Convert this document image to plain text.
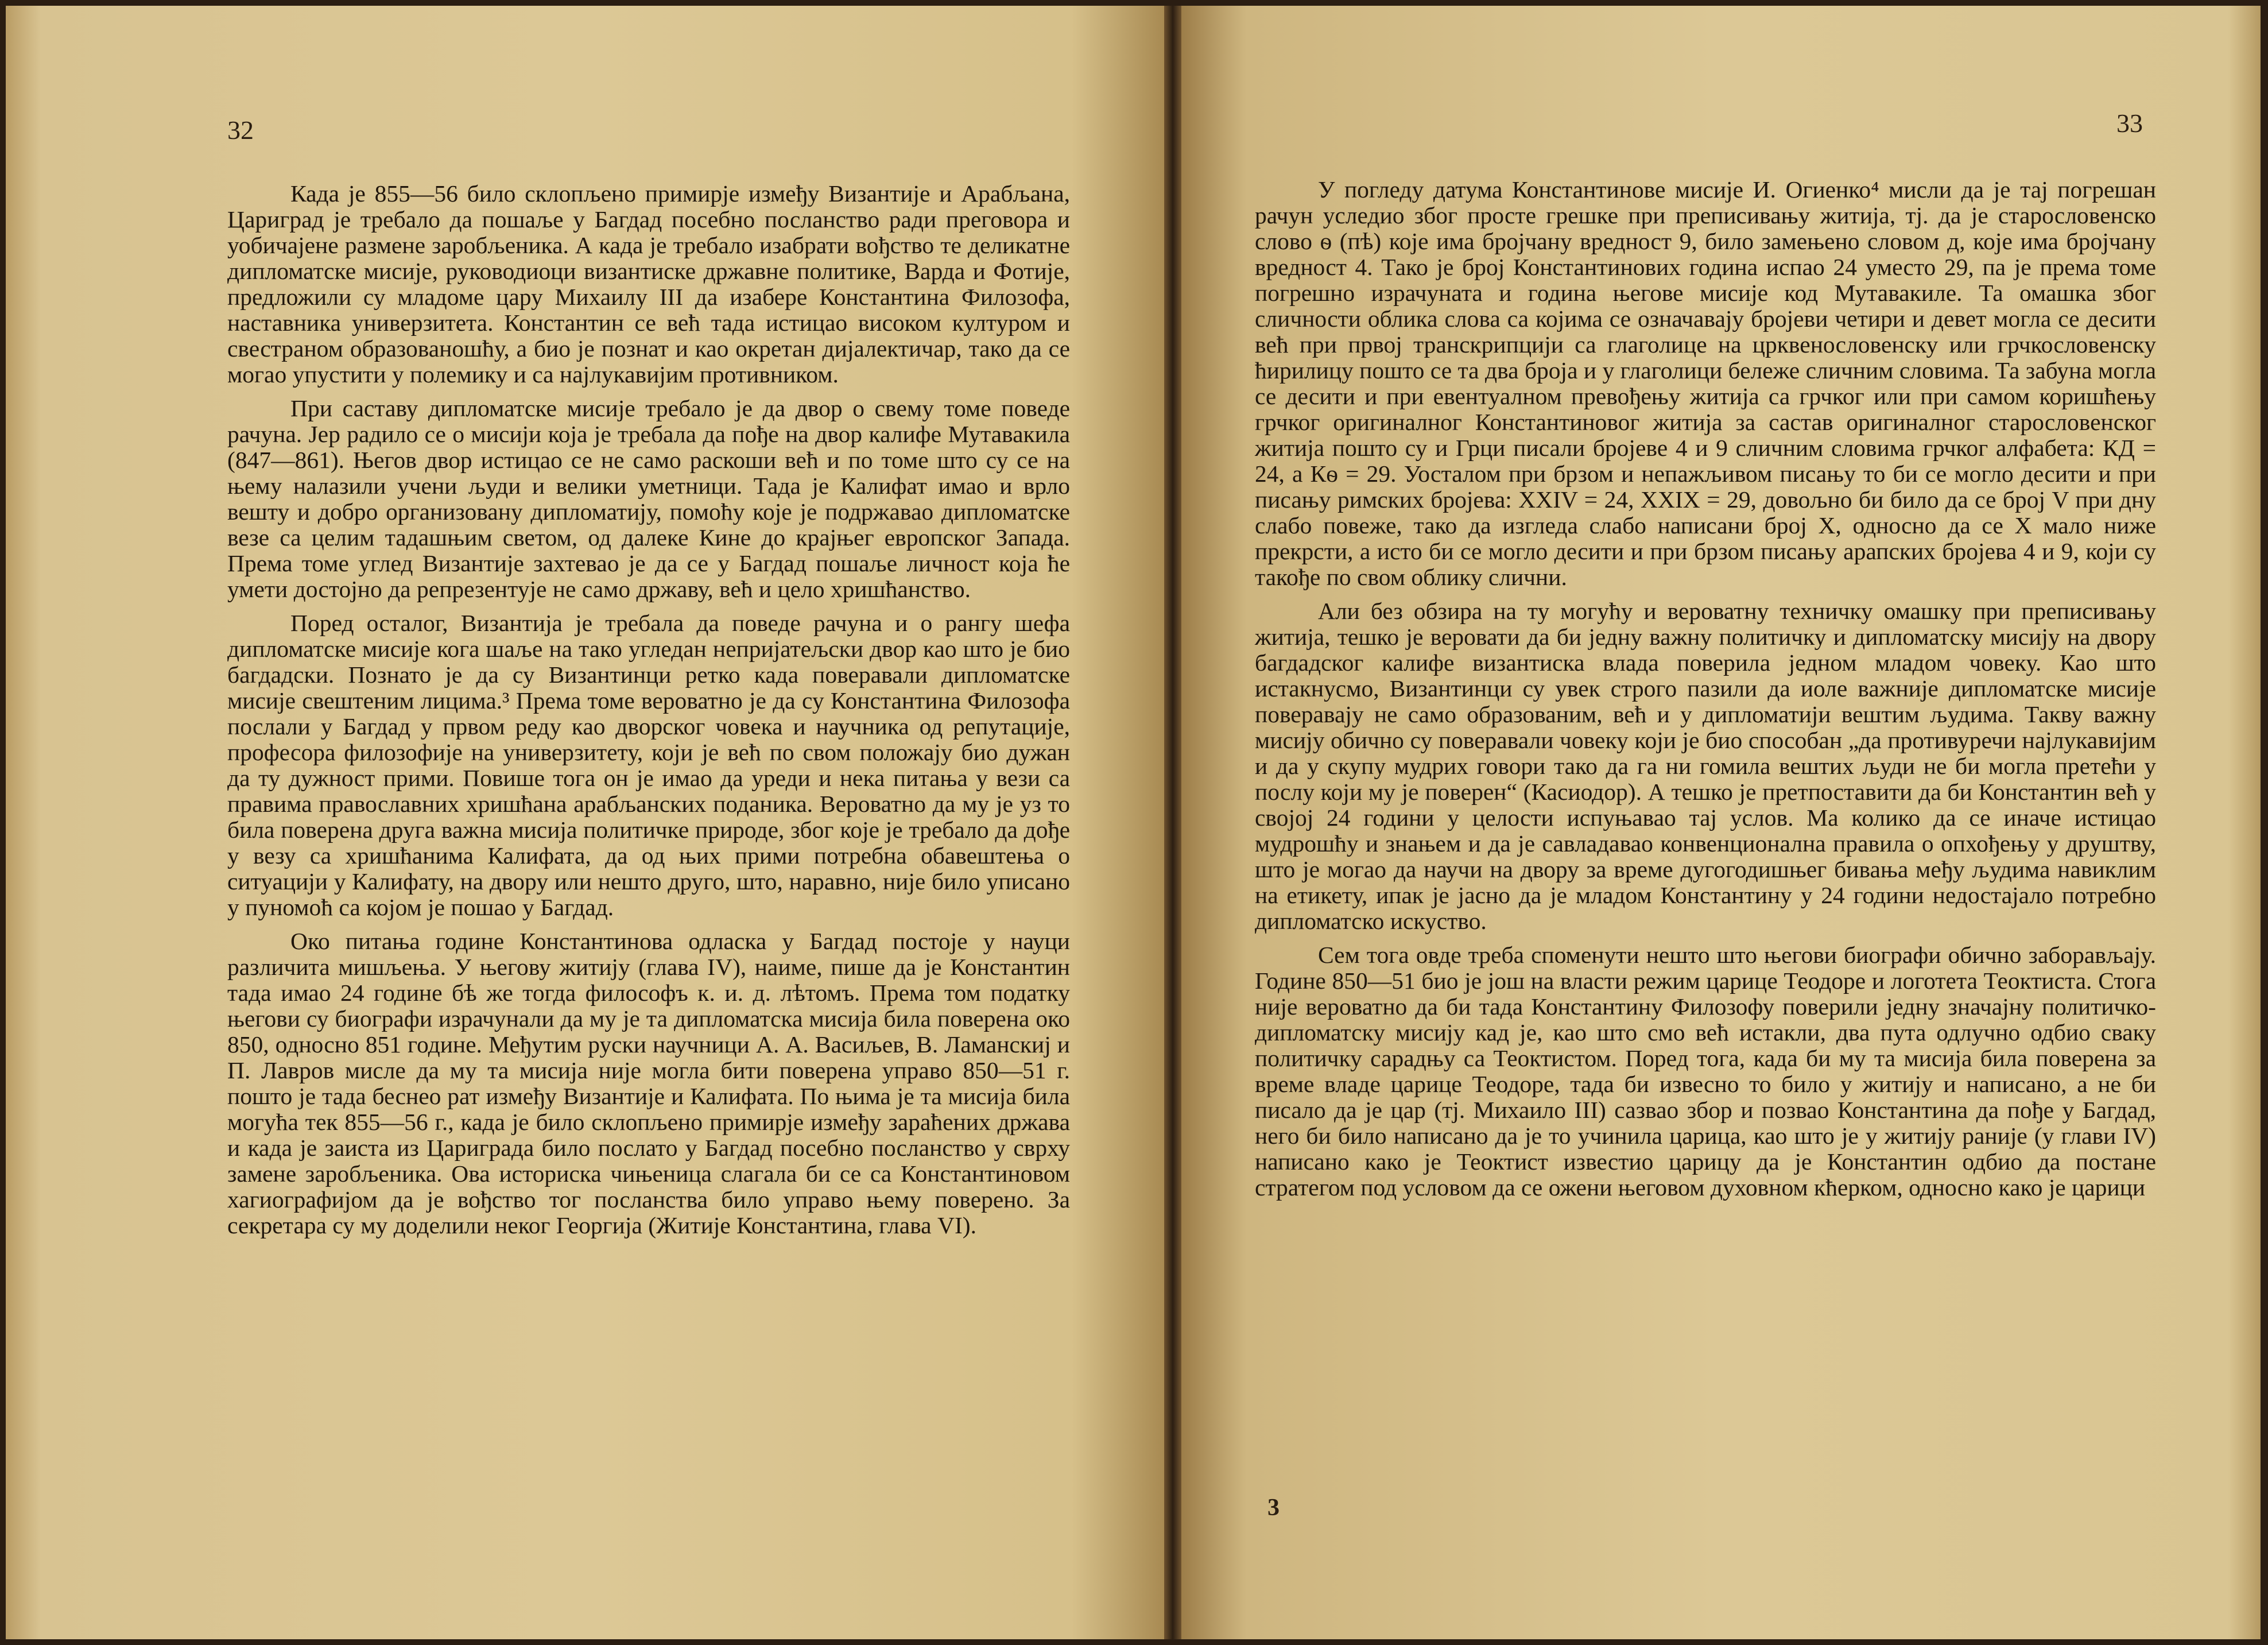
32

Када је 855—56 било склопљено примирје између Византије и Арабљана, Цариград је требало да пошаље у Багдад посебно посланство ради преговора и уобичајене размене заробљеника. А када је требало изабрати вођство те деликатне дипломатске мисије, руководиоци византиске државне политике, Варда и Фотије, предложили су младоме цару Михаилу III да изабере Константина Филозофа, наставника универзитета. Константин се већ тада истицао високом културом и свестраном образованошћу, а био је познат и као окретан дијалектичар, тако да се могао упустити у полемику и са најлукавијим противником.

При саставу дипломатске мисије требало је да двор о свему томе поведе рачуна. Јер радило се о мисији која је требала да пође на двор калифе Мутавакила (847—861). Његов двор истицао се не само раскоши већ и по томе што су се на њему налазили учени људи и велики уметници. Тада је Калифат имао и врло вешту и добро организовану дипломатију, помоћу које је подржавао дипломатске везе са целим тадашњим светом, од далеке Кине до крајњег европског Запада. Према томе углед Византије захтевао је да се у Багдад пошаље личност која ће умети достојно да репрезентује не само државу, већ и цело хришћанство.

Поред осталог, Византија је требала да поведе рачуна и о рангу шефа дипломатске мисије кога шаље на тако угледан непријатељски двор као што је био багдадски. Познато је да су Византинци ретко када поверавали дипломатске мисије свештеним лицима.³ Према томе вероватно је да су Константина Филозофа послали у Багдад у првом реду као дворског човека и научника од репутације, професора филозофије на универзитету, који је већ по свом положају био дужан да ту дужност прими. Повише тога он је имао да уреди и нека питања у вези са правима православних хришћана арабљанских поданика. Вероватно да му је уз то била поверена друга важна мисија политичке природе, због које је требало да дође у везу са хришћанима Калифата, да од њих прими потребна обавештења о ситуацији у Калифату, на двору или нешто друго, што, наравно, није било уписано у пуномоћ са којом је пошао у Багдад.

Око питања године Константинова одласка у Багдад постоје у науци различита мишљења. У његову житију (глава IV), наиме, пише да је Константин тада имао 24 године бѣ же тогда философъ к. и. д. лѣтомъ. Према том податку његови су биографи израчунали да му је та дипломатска мисија била поверена око 850, односно 851 године. Међутим руски научници А. А. Васиљев, В. Ламанскиј и П. Лавров мисле да му та мисија није могла бити поверена управо 850—51 г. пошто је тада беснео рат између Византије и Калифата. По њима је та мисија била могућа тек 855—56 г., када је било склопљено примирје између зараћених држава и када је заиста из Цариграда било послато у Багдад посебно посланство у сврху замене заробљеника. Ова историска чињеница слагала би се са Константиновом хагиографијом да је вођство тог посланства било управо њему поверено. За секретара су му доделили неког Георгија (Житије Константина, глава VI).

33

У погледу датума Константинове мисије И. Огиенко⁴ мисли да је тај погрешан рачун уследио због просте грешке при преписивању житија, тј. да је старословенско слово ѳ (пѣ) које има бројчану вредност 9, било замењено словом д, које има бројчану вредност 4. Тако је број Константинових година испао 24 уместо 29, па је према томе погрешно израчуната и година његове мисије код Мутавакиле. Та омашка због сличности облика слова са којима се означавају бројеви четири и девет могла се десити већ при првој транскрипцији са глаголице на црквенословенску или грчкословенску ћирилицу пошто се та два броја и у глаголици бележе сличним словима. Та забуна могла се десити и при евентуалном превођењу житија са грчког или при самом коришћењу грчког оригиналног Константиновог житија за састав оригиналног старословенског житија пошто су и Грци писали бројеве 4 и 9 сличним словима грчког алфабета: КД = 24, а Кѳ = 29. Уосталом при брзом и непажљивом писању то би се могло десити и при писању римских бројева: XXIV = 24, XXIX = 29, довољно би било да се број V при дну слабо повеже, тако да изгледа слабо написани број X, односно да се X мало ниже прекрсти, а исто би се могло десити и при брзом писању арапских бројева 4 и 9, који су такође по свом облику слични.

Али без обзира на ту могућу и вероватну техничку омашку при преписивању житија, тешко је веровати да би једну важну политичку и дипломатску мисију на двору багдадског калифе византиска влада поверила једном младом човеку. Као што истакнусмо, Византинци су увек строго пазили да иоле важније дипломатске мисије поверавају не само образованим, већ и у дипломатији вештим људима. Такву важну мисију обично су поверавали човеку који је био способан „да противуречи најлукавијим и да у скупу мудрих говори тако да га ни гомила вештих људи не би могла претећи у послу који му је поверен“ (Касиодор). А тешко је претпоставити да би Константин већ у својој 24 години у целости испуњавао тај услов. Ма колико да се иначе истицао мудрошћу и знањем и да је савладавао конвенционална правила о опхођењу у друштву, што је могао да научи на двору за време дугогодишњег бивања међу људима навиклим на етикету, ипак је јасно да је младом Константину у 24 години недостајало потребно дипломатско искуство.

Сем тога овде треба споменути нешто што његови биографи обично заборављају. Године 850—51 био је још на власти режим царице Теодоре и логотета Теоктиста. Стога није вероватно да би тада Константину Филозофу поверили једну значајну политичко-дипломатску мисију кад је, као што смо већ истакли, два пута одлучно одбио сваку политичку сарадњу са Теоктистом. Поред тога, када би му та мисија била поверена за време владе царице Теодоре, тада би извесно то било у житију и написано, а не би писало да је цар (тј. Михаило III) сазвао збор и позвао Константина да пође у Багдад, него би било написано да је то учинила царица, као што је у житију раније (у глави IV) написано како је Теоктист известио царицу да је Константин одбио да постане стратегом под условом да се ожени његовом духовном кћерком, односно како је царици

3
